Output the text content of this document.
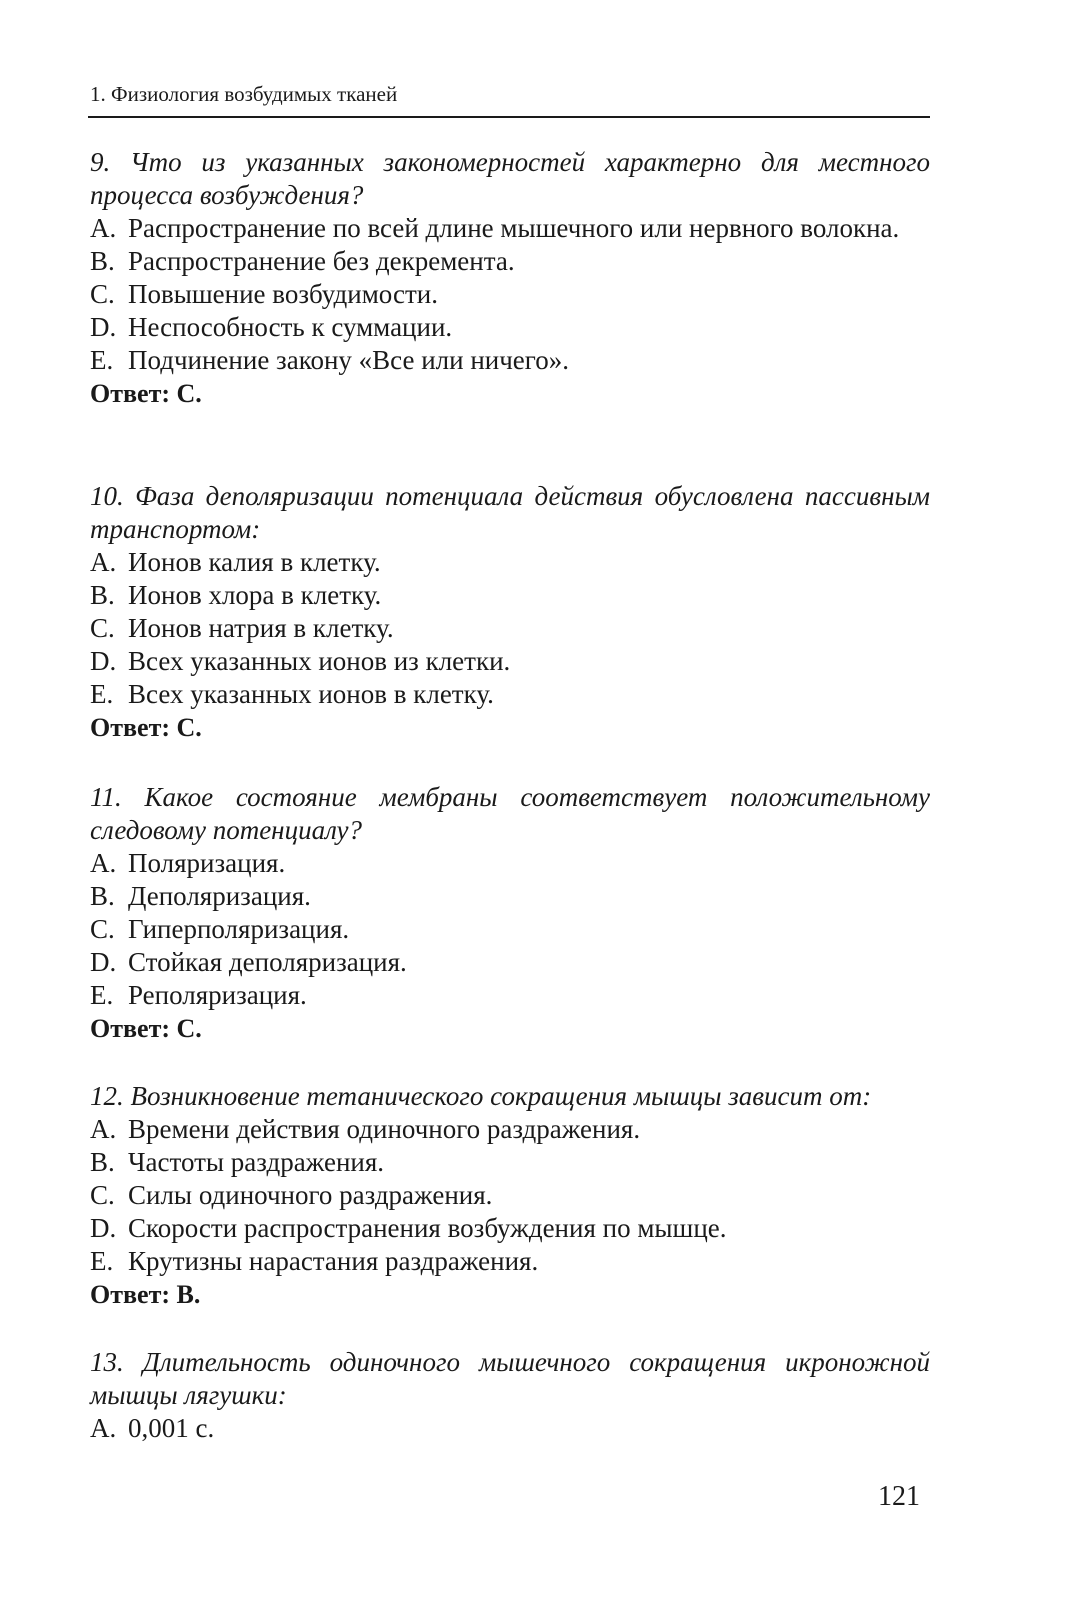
1. Физиология возбудимых тканей

9. Что из указанных закономерностей характерно для местного процесса возбуждения?

A. Распространение по всей длине мышечного или нервного волокна.
B. Распространение без декремента.
C. Повышение возбудимости.
D. Неспособность к суммации.
E. Подчинение закону «Все или ничего».

Ответ: С.

10. Фаза деполяризации потенциала действия обусловлена пассивным транспортом:

A. Ионов калия в клетку.
B. Ионов хлора в клетку.
C. Ионов натрия в клетку.
D. Всех указанных ионов из клетки.
E. Всех указанных ионов в клетку.

Ответ: С.

11. Какое состояние мембраны соответствует положительному следовому потенциалу?

A. Поляризация.
B. Деполяризация.
C. Гиперполяризация.
D. Стойкая деполяризация.
E. Реполяризация.

Ответ: С.

12. Возникновение тетанического сокращения мышцы зависит от:

A. Времени действия одиночного раздражения.
B. Частоты раздражения.
C. Силы одиночного раздражения.
D. Скорости распространения возбуждения по мышце.
E. Крутизны нарастания раздражения.

Ответ: В.

13. Длительность одиночного мышечного сокращения икроножной мышцы лягушки:

A. 0,001 с.
121
